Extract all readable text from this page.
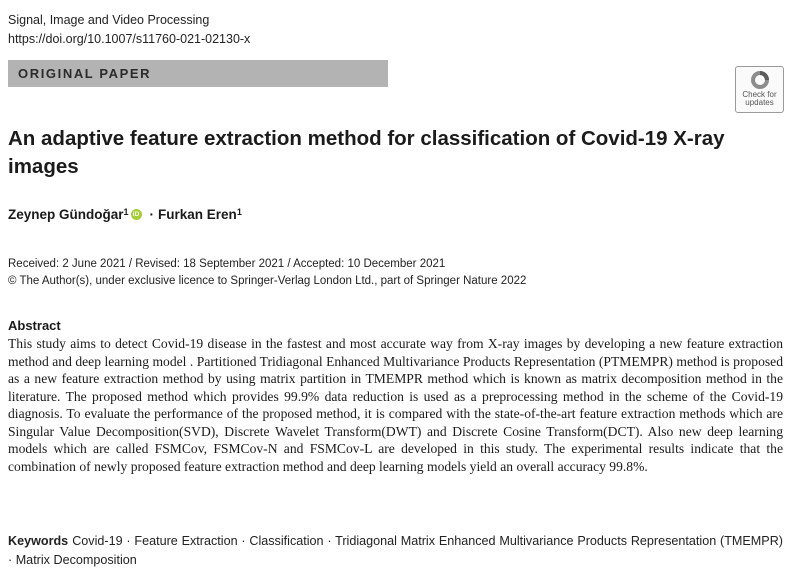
Signal, Image and Video Processing
https://doi.org/10.1007/s11760-021-02130-x
ORIGINAL PAPER
Check for updates
An adaptive feature extraction method for classification of Covid-19 X-ray images
Zeynep Gündoğar$^1$ iD · Furkan Eren$^1$
Received: 2 June 2021 / Revised: 18 September 2021 / Accepted: 10 December 2021
© The Author(s), under exclusive licence to Springer-Verlag London Ltd., part of Springer Nature 2022
Abstract

This study aims to detect Covid-19 disease in the fastest and most accurate way from X-ray images by developing a new feature extraction method and deep learning model . Partitioned Tridiagonal Enhanced Multivariance Products Representation (PTMEMPR) method is proposed as a new feature extraction method by using matrix partition in TMEMPR method which is known as matrix decomposition method in the literature. The proposed method which provides 99.9% data reduction is used as a preprocessing method in the scheme of the Covid-19 diagnosis. To evaluate the performance of the proposed method, it is compared with the state-of-the-art feature extraction methods which are Singular Value Decomposition(SVD), Discrete Wavelet Transform(DWT) and Discrete Cosine Transform(DCT). Also new deep learning models which are called FSMCov, FSMCov-N and FSMCov-L are developed in this study. The experimental results indicate that the combination of newly proposed feature extraction method and deep learning models yield an overall accuracy 99.8%.

Keywords Covid-19 · Feature Extraction · Classification · Tridiagonal Matrix Enhanced Multivariance Products Representation (TMEMPR) · Matrix Decomposition
